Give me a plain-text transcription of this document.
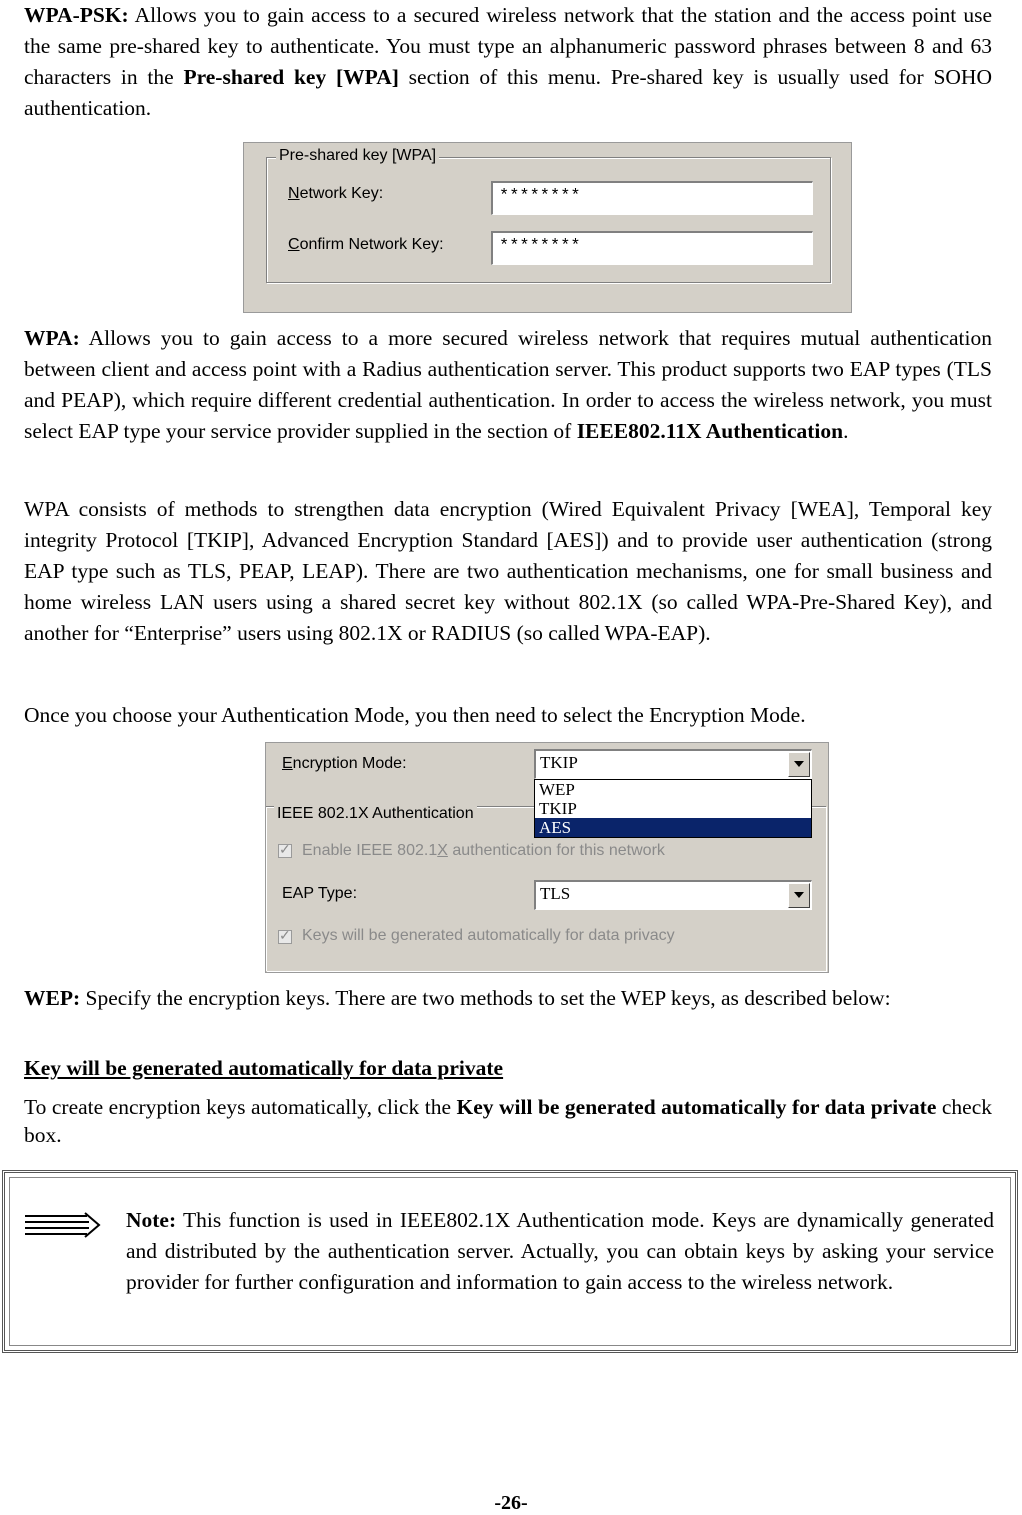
WPA-PSK: Allows you to gain access to a secured wireless network that the station and the access point use the same pre-shared key to authenticate. You must type an alphanumeric password phrases between 8 and 63 characters in the Pre-shared key [WPA] section of this menu. Pre-shared key is usually used for SOHO authentication.

Pre-shared key [WPA]
Network Key:	********
Confirm Network Key:	********

WPA: Allows you to gain access to a more secured wireless network that requires mutual authentication between client and access point with a Radius authentication server. This product supports two EAP types (TLS and PEAP), which require different credential authentication. In order to access the wireless network, you must select EAP type your service provider supplied in the section of IEEE802.11X Authentication.

WPA consists of methods to strengthen data encryption (Wired Equivalent Privacy [WEA], Temporal key integrity Protocol [TKIP], Advanced Encryption Standard [AES]) and to provide user authentication (strong EAP type such as TLS, PEAP, LEAP). There are two authentication mechanisms, one for small business and home wireless LAN users using a shared secret key without 802.1X (so called WPA-Pre-Shared Key), and another for “Enterprise” users using 802.1X or RADIUS (so called WPA-EAP).

Once you choose your Authentication Mode, you then need to select the Encryption Mode.

Encryption Mode:	TKIP
IEEE 802.1X Authentication
WEP
TKIP
AES
✓
Enable IEEE 802.1X authentication for this network
EAP Type:	TLS
✓
Keys will be generated automatically for data privacy

WEP: Specify the encryption keys. There are two methods to set the WEP keys, as described below:

Key will be generated automatically for data private

To create encryption keys automatically, click the Key will be generated automatically for data private check box.

Note: This function is used in IEEE802.1X Authentication mode. Keys are dynamically generated and distributed by the authentication server. Actually, you can obtain keys by asking your service provider for further configuration and information to gain access to the wireless network.

-26-
